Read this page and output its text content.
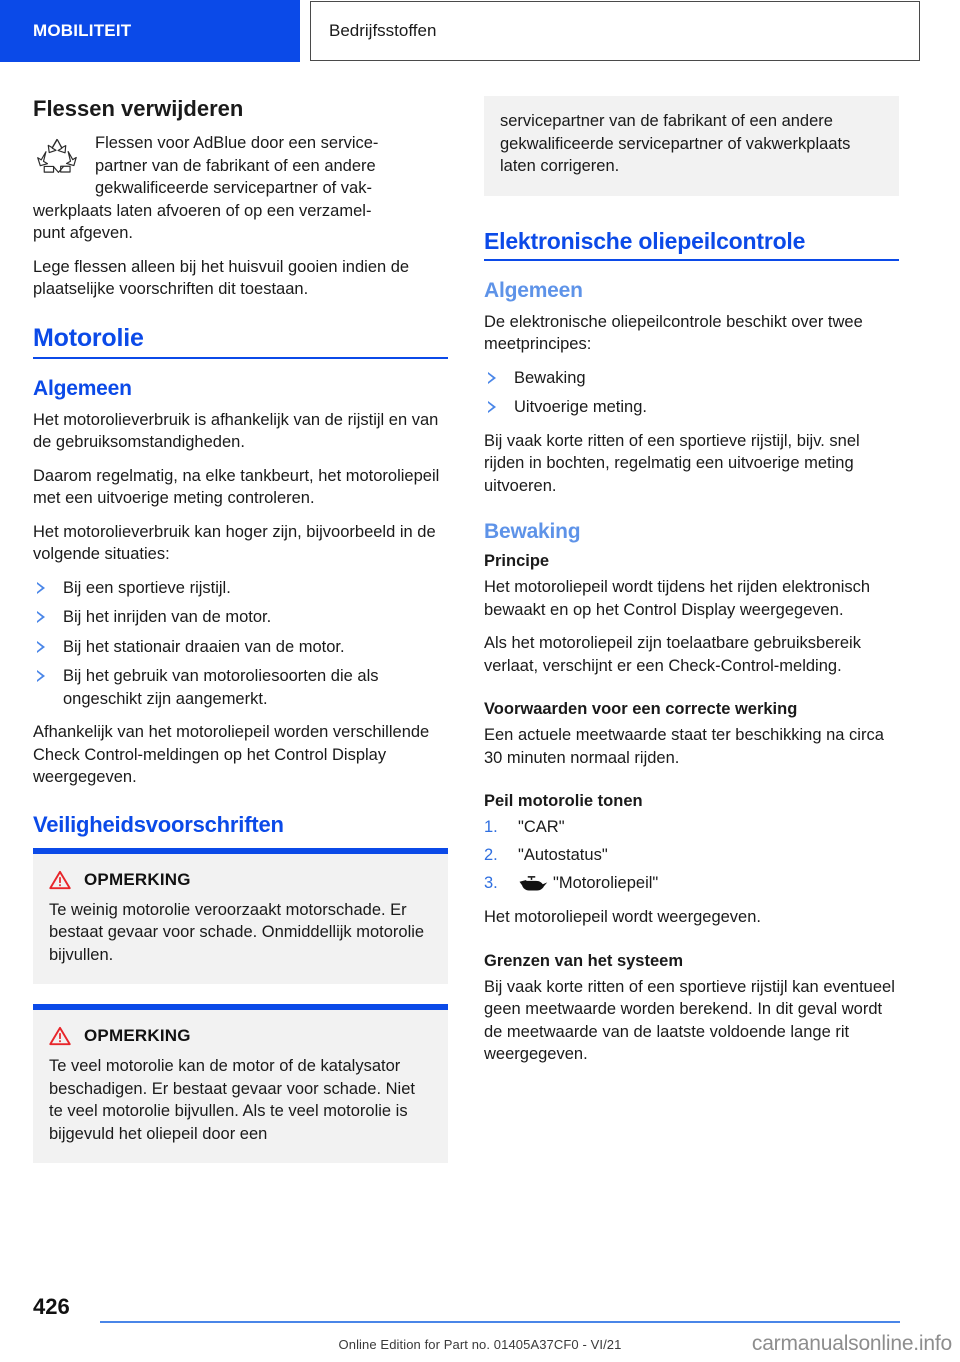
MOBILITEIT	Bedrijfsstoffen
Flessen verwijderen
Flessen voor AdBlue door een service-
partner van de fabrikant of een andere
gekwalificeerde servicepartner of vak-
werkplaats laten afvoeren of op een verzamel-
punt afgeven.

Lege flessen alleen bij het huisvuil gooien indien de plaatselijke voorschriften dit toestaan.

Motorolie
Algemeen

Het motorolieverbruik is afhankelijk van de rijstijl en van de gebruiksomstandigheden.

Daarom regelmatig, na elke tankbeurt, het motoroliepeil met een uitvoerige meting controleren.

Het motorolieverbruik kan hoger zijn, bijvoorbeeld in de volgende situaties:

Bij een sportieve rijstijl.
Bij het inrijden van de motor.
Bij het stationair draaien van de motor.
Bij het gebruik van motoroliesoorten die als ongeschikt zijn aangemerkt.

Afhankelijk van het motoroliepeil worden verschillende Check Control-meldingen op het Control Display weergegeven.

Veiligheidsvoorschriften
OPMERKING
Te weinig motorolie veroorzaakt motorschade. Er bestaat gevaar voor schade. Onmiddellijk motorolie bijvullen.
OPMERKING
Te veel motorolie kan de motor of de katalysator beschadigen. Er bestaat gevaar voor schade. Niet te veel motorolie bijvullen. Als te veel motorolie is bijgevuld het oliepeil door een
servicepartner van de fabrikant of een andere gekwalificeerde servicepartner of vakwerkplaats laten corrigeren.
Elektronische oliepeilcontrole
Algemeen

De elektronische oliepeilcontrole beschikt over twee meetprincipes:

Bewaking
Uitvoerige meting.

Bij vaak korte ritten of een sportieve rijstijl, bijv. snel rijden in bochten, regelmatig een uitvoerige meting uitvoeren.

Bewaking
Principe

Het motoroliepeil wordt tijdens het rijden elektronisch bewaakt en op het Control Display weergegeven.

Als het motoroliepeil zijn toelaatbare gebruiksbereik verlaat, verschijnt er een Check-Control-melding.

Voorwaarden voor een correcte werking

Een actuele meetwaarde staat ter beschikking na circa 30 minuten normaal rijden.

Peil motorolie tonen
1. "CAR"
2. "Autostatus"
3.	"Motoroliepeil"

Het motoroliepeil wordt weergegeven.

Grenzen van het systeem

Bij vaak korte ritten of een sportieve rijstijl kan eventueel geen meetwaarde worden berekend. In dit geval wordt de meetwaarde van de laatste voldoende lange rit weergegeven.

426
Online Edition for Part no. 01405A37CF0 - VI/21	carmanualsonline.info
